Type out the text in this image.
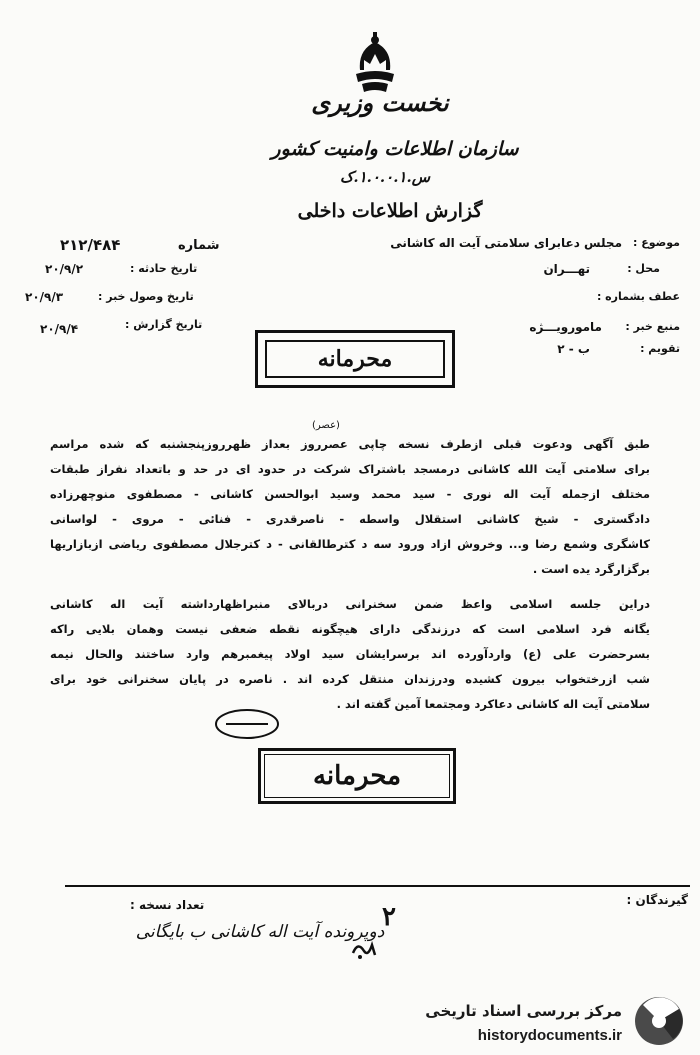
نخست وزیری
سازمان اطلاعات وامنیت کشور
س.۱.۰.۰.۱.ک
گزارش اطلاعات داخلی
موضوع :
مجلس دعابرای سلامتی آیت اله کاشانی
محل :
تهـــران
عطف بشماره :
منبع خبر :
مامورویـــژه
تقویم :
ب - ۲
شماره
۲۱۲/۴۸۴
تاریخ حادثه :
۲۰/۹/۲
تاریخ وصول خبر :
۲۰/۹/۳
تاریخ گزارش :
۲۰/۹/۴
محرمانه
(عصر)
طبق آگهی ودعوت قبلی ازطرف نسخه چاپی عصرروز بعداز ظهرروزپنجشنبه که شده مراسم
برای سلامتی آیت الله کاشانی درمسجد باشتراک شرکت در حدود ای در حد و باتعداد نفراز طبقات
مختلف ازجمله آیت اله نوری - سید محمد وسید ابوالحسن کاشانی - مصطفوی منوچهرزاده
دادگستری - شیخ کاشانی استقلال واسطه - ناصرقدری - فنائی - مروی - لواسانی
کاشگری وشمع رضا و... وخروش ازاد ورود سه د کترطالقانی - د کترجلال مصطفوی ریاضی ازبازاریها
برگزارگرد یده است .
دراین جلسه اسلامی واعظ ضمن سخنرانی دربالای منبراظهارداشته آیت اله کاشانی
یگانه فرد اسلامی است که درزندگی دارای هیچگونه نقطه ضعفی نیست وهمان بلایی راکه
بسرحضرت علی (ع) واردآورده اند برسرایشان سید اولاد پیغمبرهم وارد ساختند والحال نیمه
شب ازرختخواب بیرون کشیده ودرزندان منتقل کرده اند . ناصره در پایان سخنرانی خود برای
سلامتی آیت اله کاشانی دعاکرد ومجتمعا آمین گفته اند .
محرمانه
گیرندگان :
تعداد نسخه :
دوپرونده آیت اله کاشانی ب بایگانی
۲
مرکز بررسی اسناد تاریخی
historydocuments.ir
